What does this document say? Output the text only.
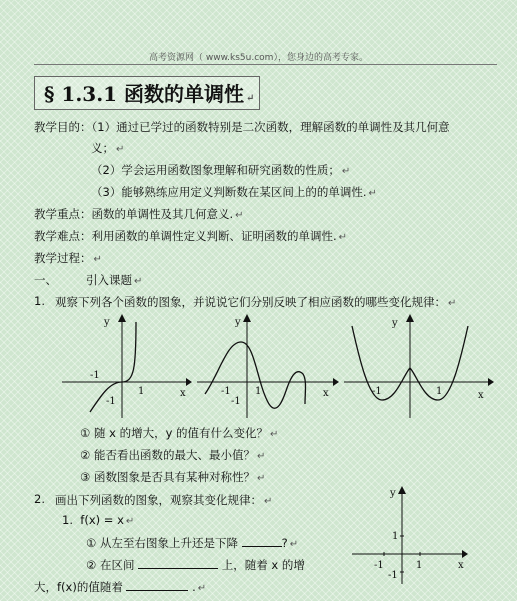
高考资源网（ www.ks5u.com），您身边的高考专家。
§ 1.3.1 函数的单调性 ↵
教学目的：（1）通过已学过的函数特别是二次函数，理解函数的单调性及其几何意
义； ↵
（2）学会运用函数图象理解和研究函数的性质； ↵
（3）能够熟练应用定义判断数在某区间上的的单调性. ↵
教学重点：函数的单调性及其几何意义. ↵
教学难点：利用函数的单调性定义判断、证明函数的单调性. ↵
教学过程： ↵
一、	引入课题 ↵
1. 观察下列各个函数的图象，并说说它们分别反映了相应函数的哪些变化规律： ↵
y
x
-1
1
-1
y
x
-1 1
-1
y
x
-1	1
① 随 x 的增大，y 的值有什么变化？ ↵
② 能否看出函数的最大、最小值？ ↵
③ 函数图象是否具有某种对称性？ ↵
2. 画出下列函数的图象，观察其变化规律： ↵
1. f(x) = x ↵
① 从左至右图象上升还是下降	? ↵
② 在区间	上，随着 x 的增
大，f(x)的值随着	. ↵
y
x
1
-1	1
-1
